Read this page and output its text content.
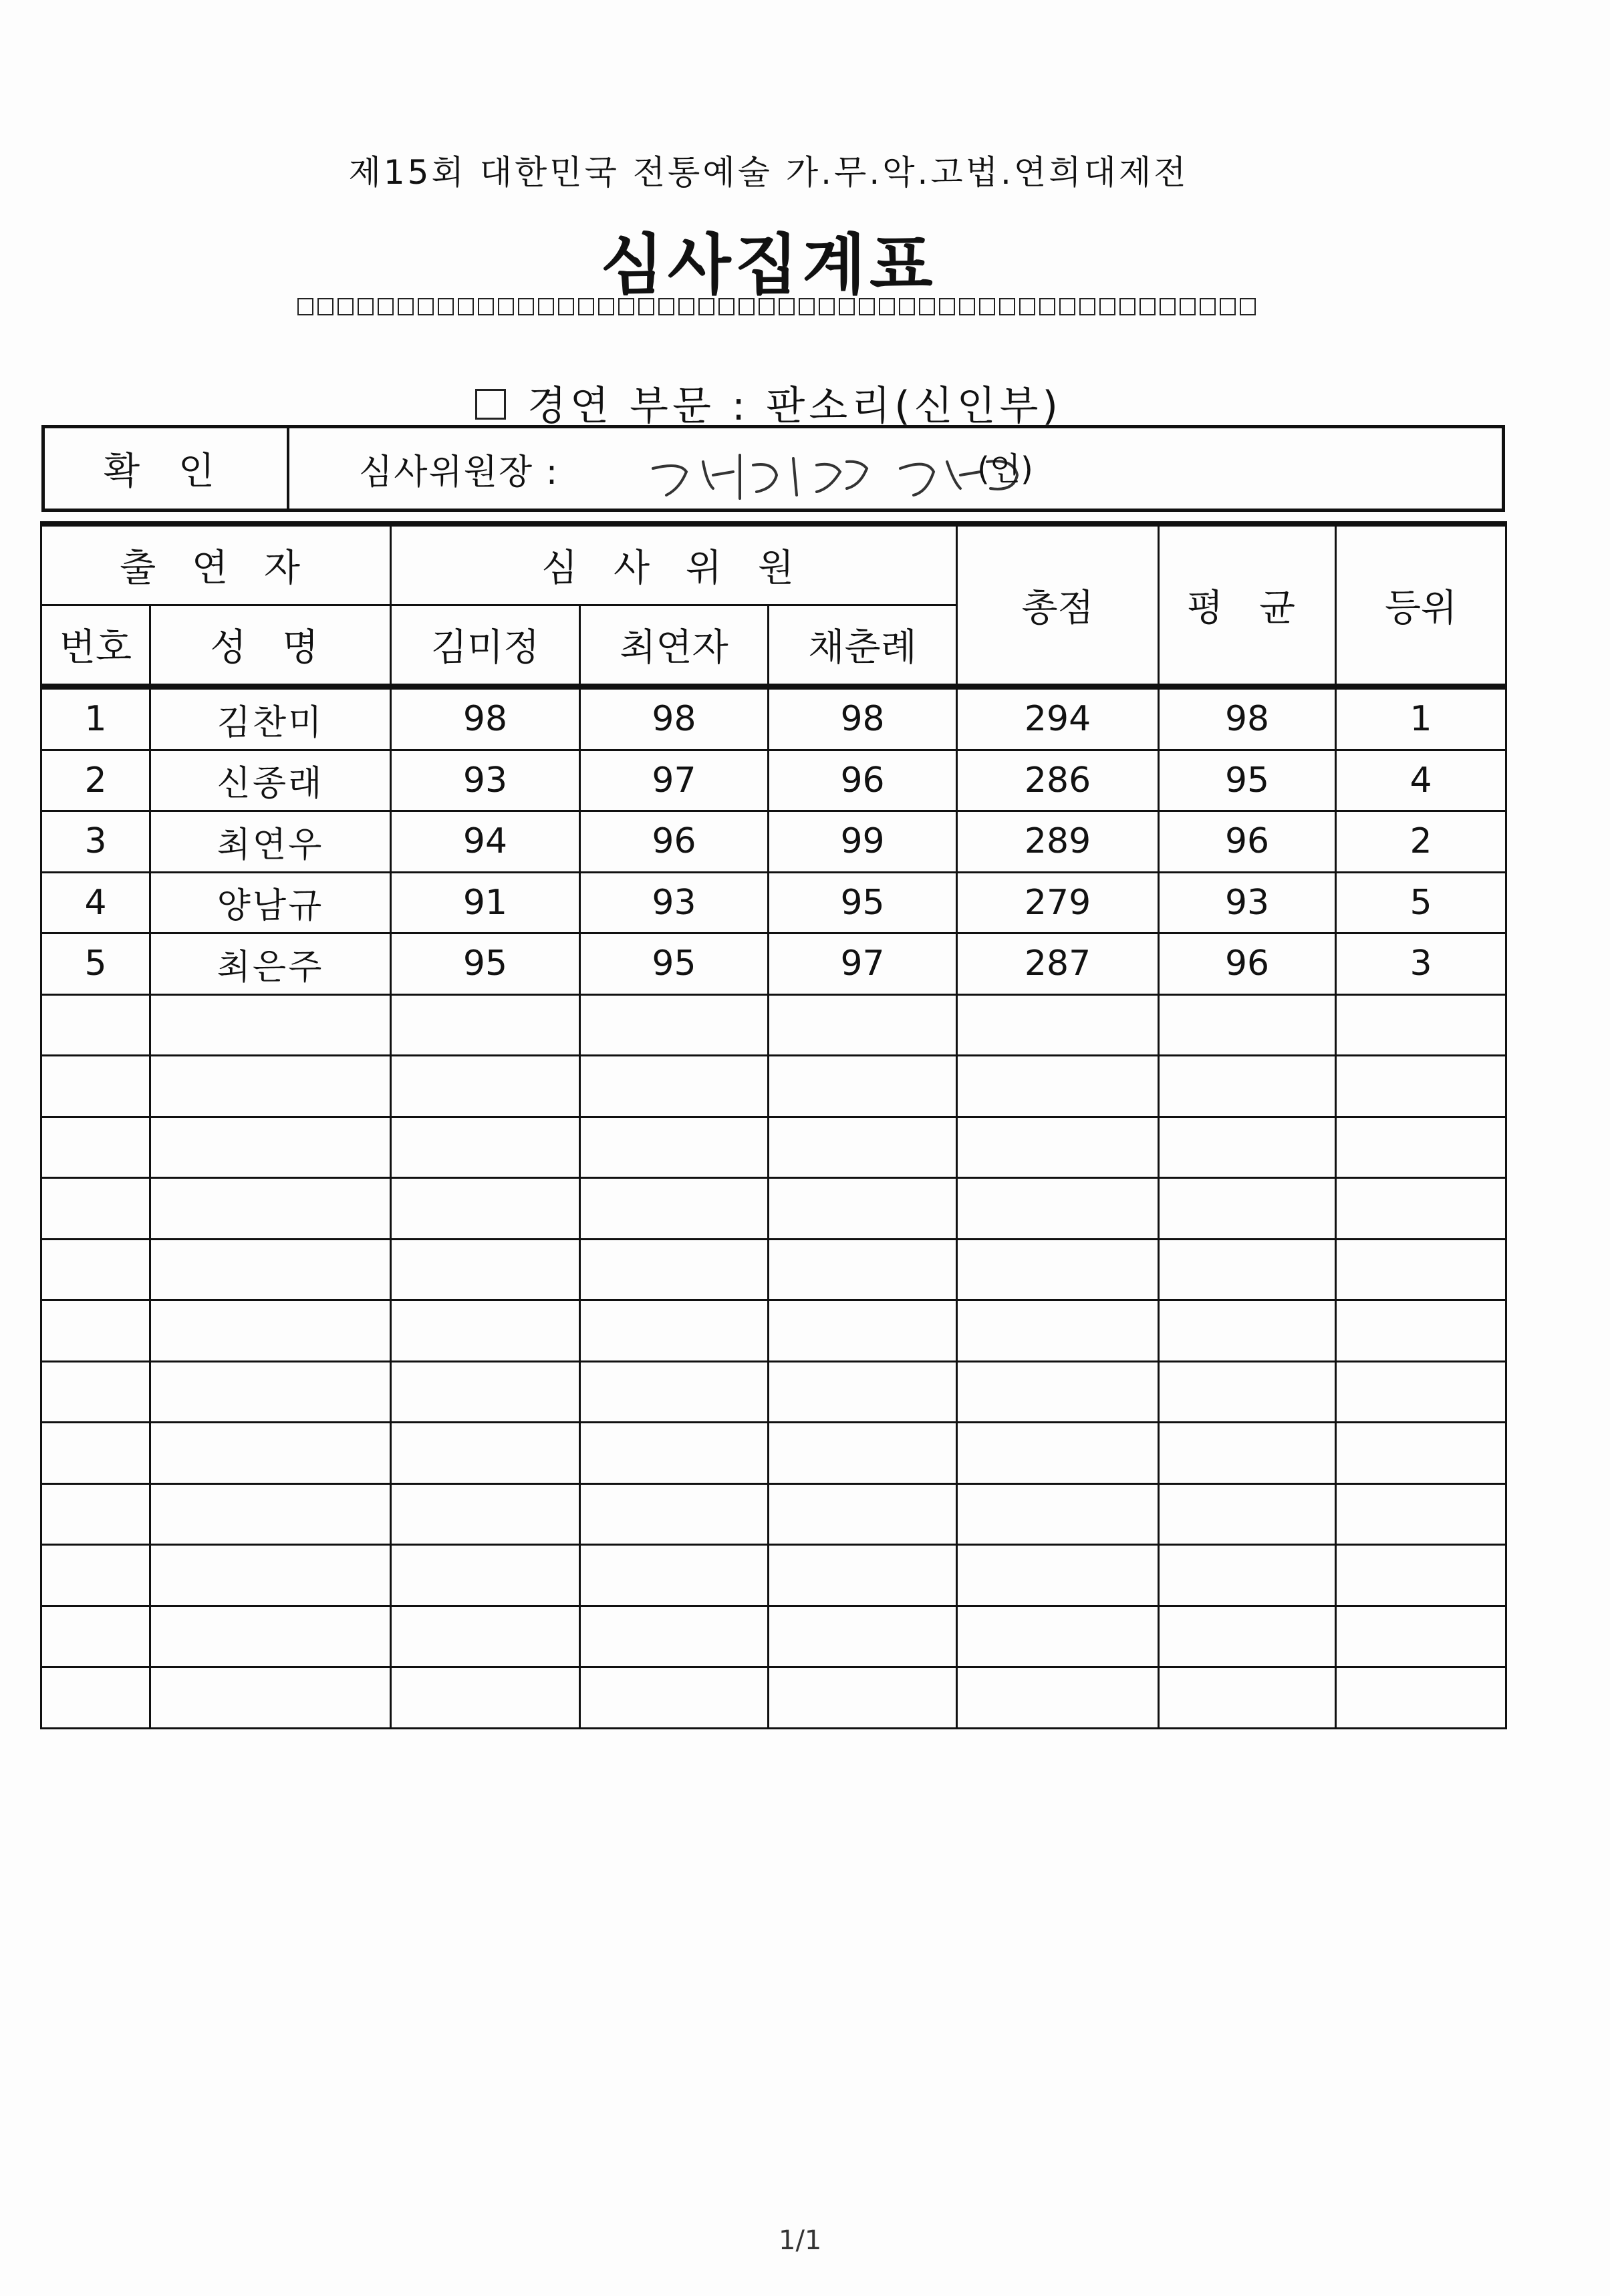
제15회 대한민국 전통예술 가.무.악.고법.연희대제전
심사집계표
경연 부문 : 판소리(신인부)
확 인	심사위원장 :	(인)
출 연 자		심 사 위 원			총점	평 균	등위
번호	성 명	김미정	최연자	채춘례			
1	김찬미	98	98	98	294	98	1
2	신종래	93	97	96	286	95	4
3	최연우	94	96	99	289	96	2
4	양남규	91	93	95	279	93	5
5	최은주	95	95	97	287	96	3

1/1
